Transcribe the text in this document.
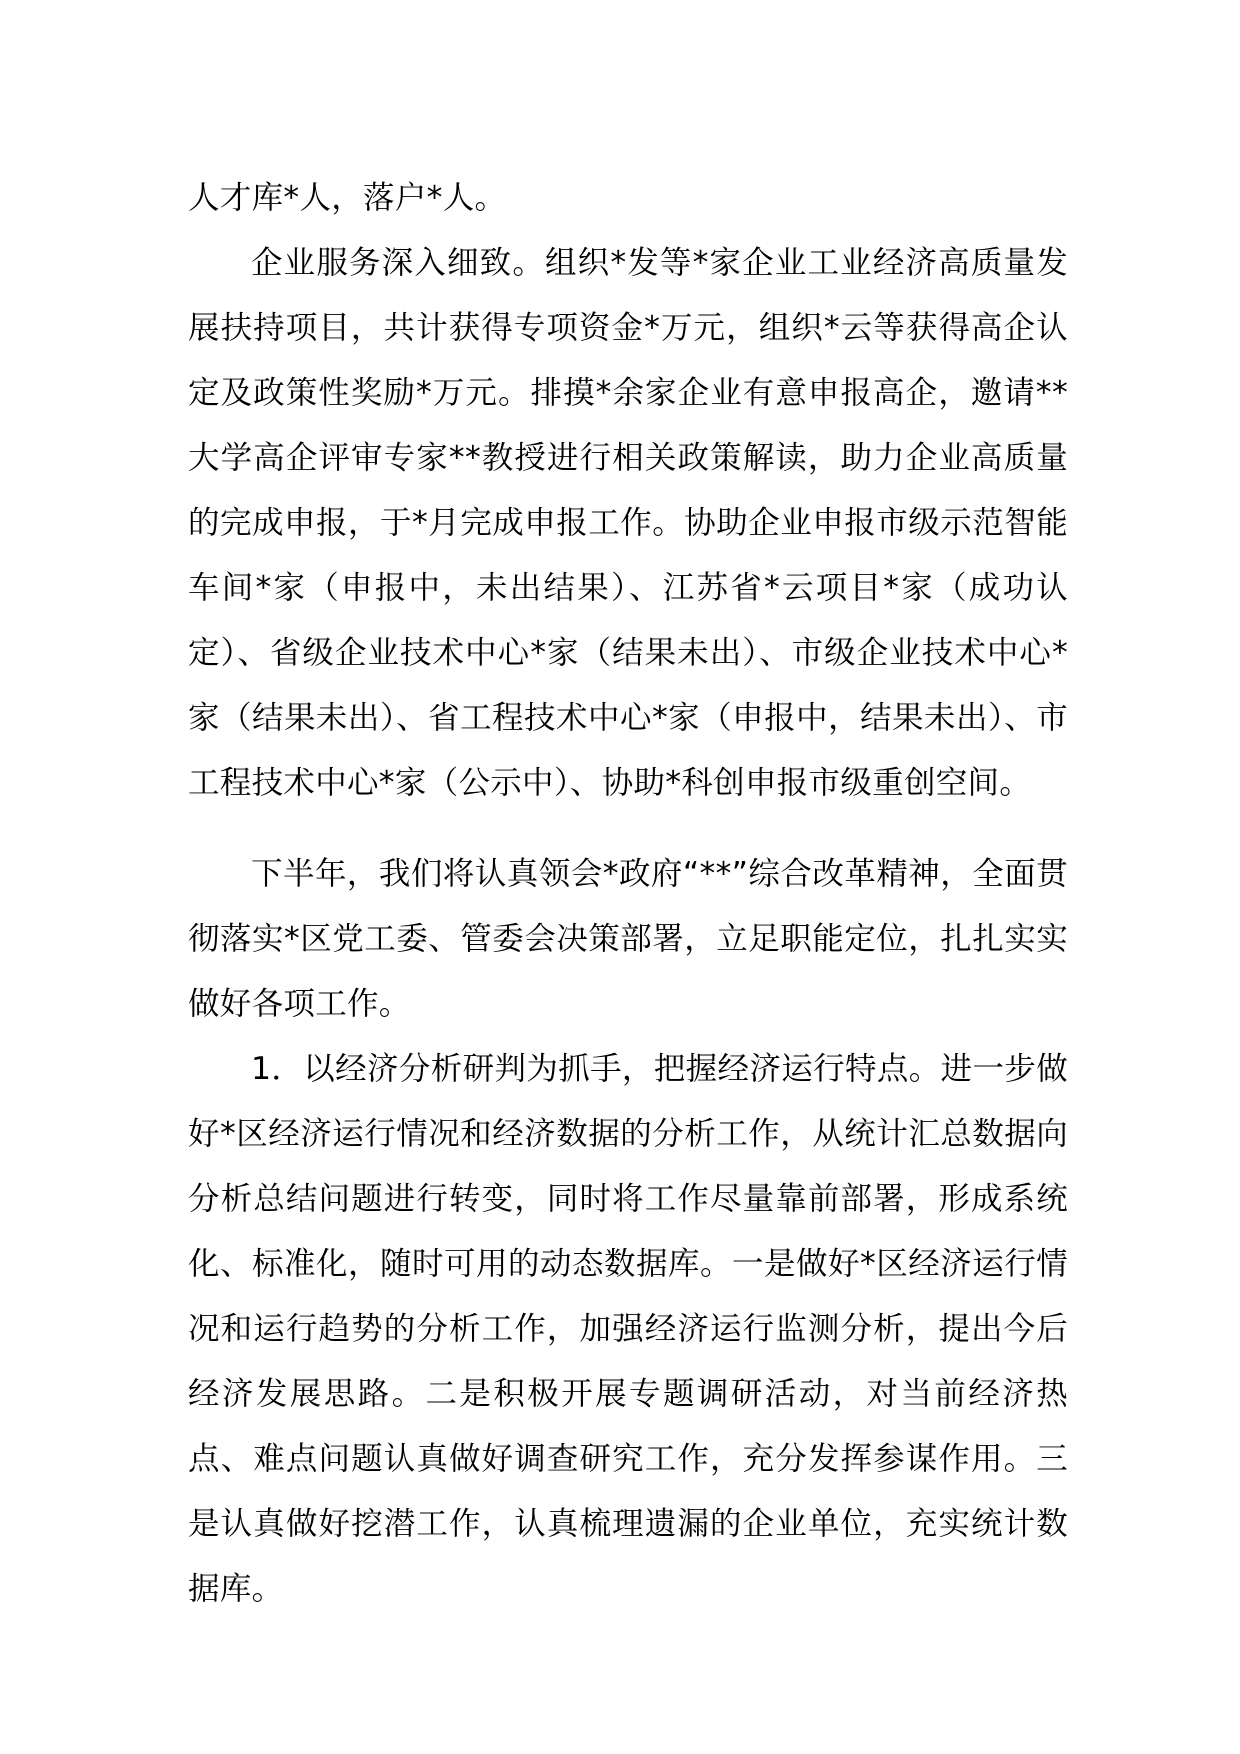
人才库*人，落户*人。

企业服务深入细致。组织*发等*家企业工业经济高质量发展扶持项目，共计获得专项资金*万元，组织*云等获得高企认定及政策性奖励*万元。排摸*余家企业有意申报高企，邀请**大学高企评审专家**教授进行相关政策解读，助力企业高质量的完成申报，于*月完成申报工作。协助企业申报市级示范智能车间*家（申报中，未出结果）、江苏省*云项目*家（成功认定）、省级企业技术中心*家（结果未出）、市级企业技术中心*家（结果未出）、省工程技术中心*家（申报中，结果未出）、市工程技术中心*家（公示中）、协助*科创申报市级重创空间。

下半年，我们将认真领会*政府“**”综合改革精神，全面贯彻落实*区党工委、管委会决策部署，立足职能定位，扎扎实实做好各项工作。

1．以经济分析研判为抓手，把握经济运行特点。进一步做好*区经济运行情况和经济数据的分析工作，从统计汇总数据向分析总结问题进行转变，同时将工作尽量靠前部署，形成系统化、标准化，随时可用的动态数据库。一是做好*区经济运行情况和运行趋势的分析工作，加强经济运行监测分析，提出今后经济发展思路。二是积极开展专题调研活动，对当前经济热点、难点问题认真做好调查研究工作，充分发挥参谋作用。三是认真做好挖潜工作，认真梳理遗漏的企业单位，充实统计数据库。
